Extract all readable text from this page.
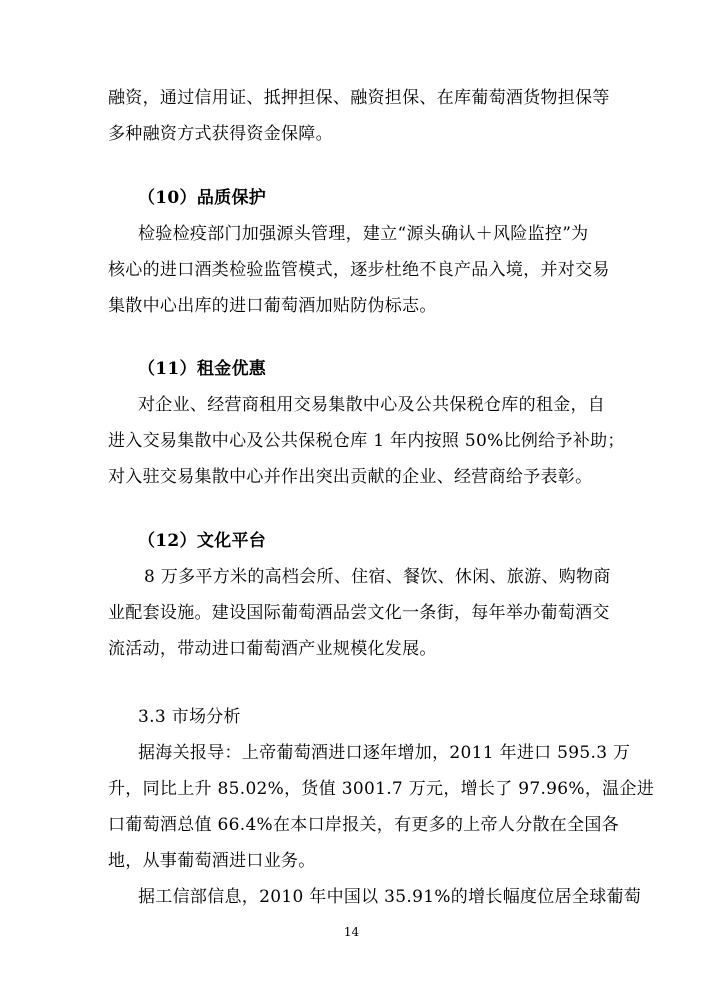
融资，通过信用证、抵押担保、融资担保、在库葡萄酒货物担保等
多种融资方式获得资金保障。
（10）品质保护
检验检疫部门加强源头管理，建立“源头确认＋风险监控”为
核心的进口酒类检验监管模式，逐步杜绝不良产品入境，并对交易
集散中心出库的进口葡萄酒加贴防伪标志。
（11）租金优惠
对企业、经营商租用交易集散中心及公共保税仓库的租金，自
进入交易集散中心及公共保税仓库 1 年内按照 50%比例给予补助；
对入驻交易集散中心并作出突出贡献的企业、经营商给予表彰。
（12）文化平台
8 万多平方米的高档会所、住宿、餐饮、休闲、旅游、购物商
业配套设施。建设国际葡萄酒品尝文化一条街，每年举办葡萄酒交
流活动，带动进口葡萄酒产业规模化发展。
3.3 市场分析
据海关报导：上帝葡萄酒进口逐年增加，2011 年进口 595.3 万
升，同比上升 85.02%，货值 3001.7 万元，增长了 97.96%，温企进
口葡萄酒总值 66.4%在本口岸报关，有更多的上帝人分散在全国各
地，从事葡萄酒进口业务。
据工信部信息，2010 年中国以 35.91%的增长幅度位居全球葡萄
14
